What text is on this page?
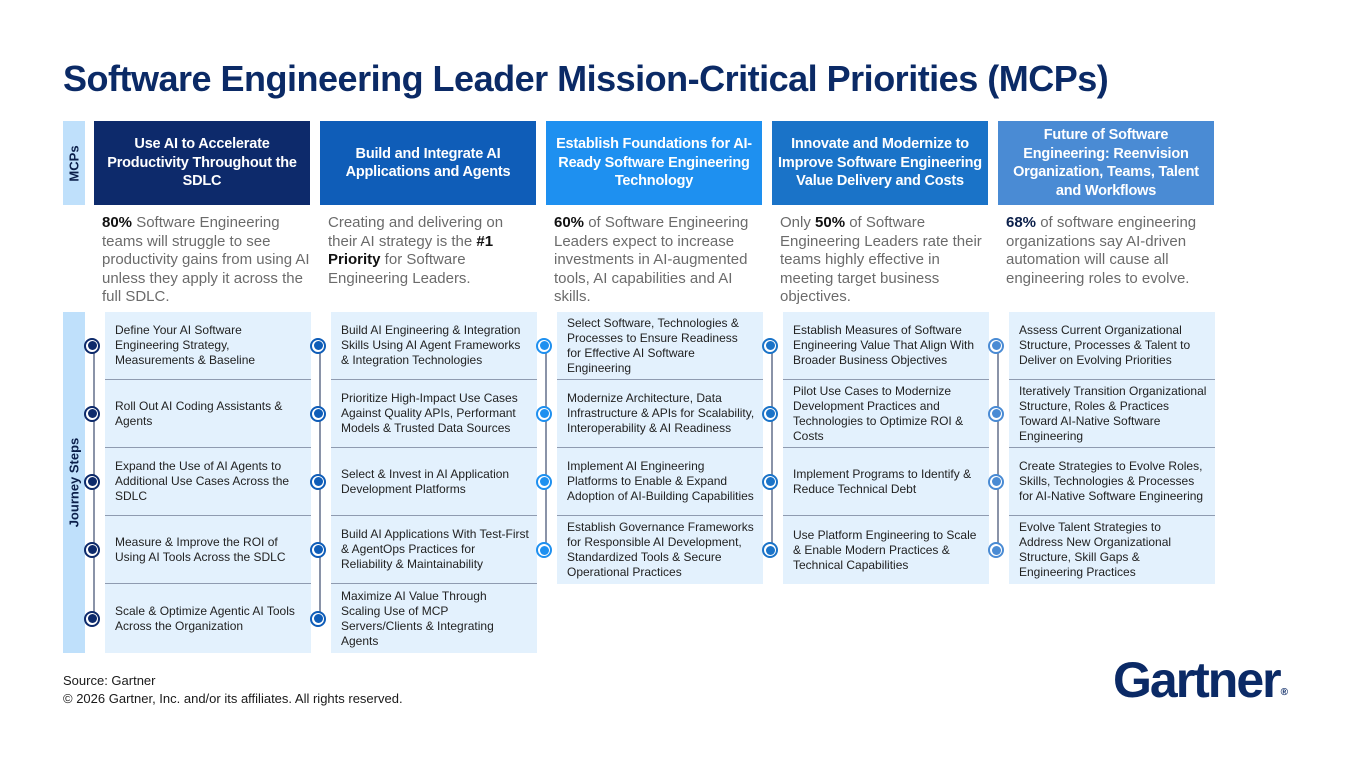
Software Engineering Leader Mission-Critical Priorities (MCPs)
MCPs
Journey Steps
Use AI to Accelerate Productivity Throughout the SDLC
80% Software Engineering teams will struggle to see productivity gains from using AI unless they apply it across the full SDLC.
Define Your AI Software Engineering Strategy, Measurements & Baseline
Roll Out AI Coding Assistants & Agents
Expand the Use of AI Agents to Additional Use Cases Across the SDLC
Measure & Improve the ROI of Using AI Tools Across the SDLC
Scale & Optimize Agentic AI Tools Across the Organization
Build and Integrate AI Applications and Agents
Creating and delivering on their AI strategy is the #1 Priority for Software Engineering Leaders.
Build AI Engineering & Integration Skills Using AI Agent Frameworks & Integration Technologies
Prioritize High-Impact Use Cases Against Quality APIs, Performant Models & Trusted Data Sources
Select & Invest in AI Application Development Platforms
Build AI Applications With Test-First & AgentOps Practices for Reliability & Maintainability
Maximize AI Value Through Scaling Use of MCP Servers/Clients & Integrating Agents
Establish Foundations for AI-Ready Software Engineering Technology
60% of Software Engineering Leaders expect to increase investments in AI-augmented tools, AI capabilities and AI skills.
Select Software, Technologies & Processes to Ensure Readiness for Effective AI Software Engineering
Modernize Architecture, Data Infrastructure & APIs for Scalability, Interoperability & AI Readiness
Implement AI Engineering Platforms to Enable & Expand Adoption of AI-Building Capabilities
Establish Governance Frameworks for Responsible AI Development, Standardized Tools & Secure Operational Practices
Innovate and Modernize to Improve Software Engineering Value Delivery and Costs
Only 50% of Software Engineering Leaders rate their teams highly effective in meeting target business objectives.
Establish Measures of Software Engineering Value That Align With Broader Business Objectives
Pilot Use Cases to Modernize Development Practices and Technologies to Optimize ROI & Costs
Implement Programs to Identify & Reduce Technical Debt
Use Platform Engineering to Scale & Enable Modern Practices & Technical Capabilities
Future of Software Engineering: Reenvision Organization, Teams, Talent and Workflows
68% of software engineering organizations say AI-driven automation will cause all engineering roles to evolve.
Assess Current Organizational Structure, Processes & Talent to Deliver on Evolving Priorities
Iteratively Transition Organizational Structure, Roles & Practices Toward AI-Native Software Engineering
Create Strategies to Evolve Roles, Skills, Technologies & Processes for AI-Native Software Engineering
Evolve Talent Strategies to Address New Organizational Structure, Skill Gaps & Engineering Practices
Source: Gartner
© 2026 Gartner, Inc. and/or its affiliates. All rights reserved.	Gartner®
